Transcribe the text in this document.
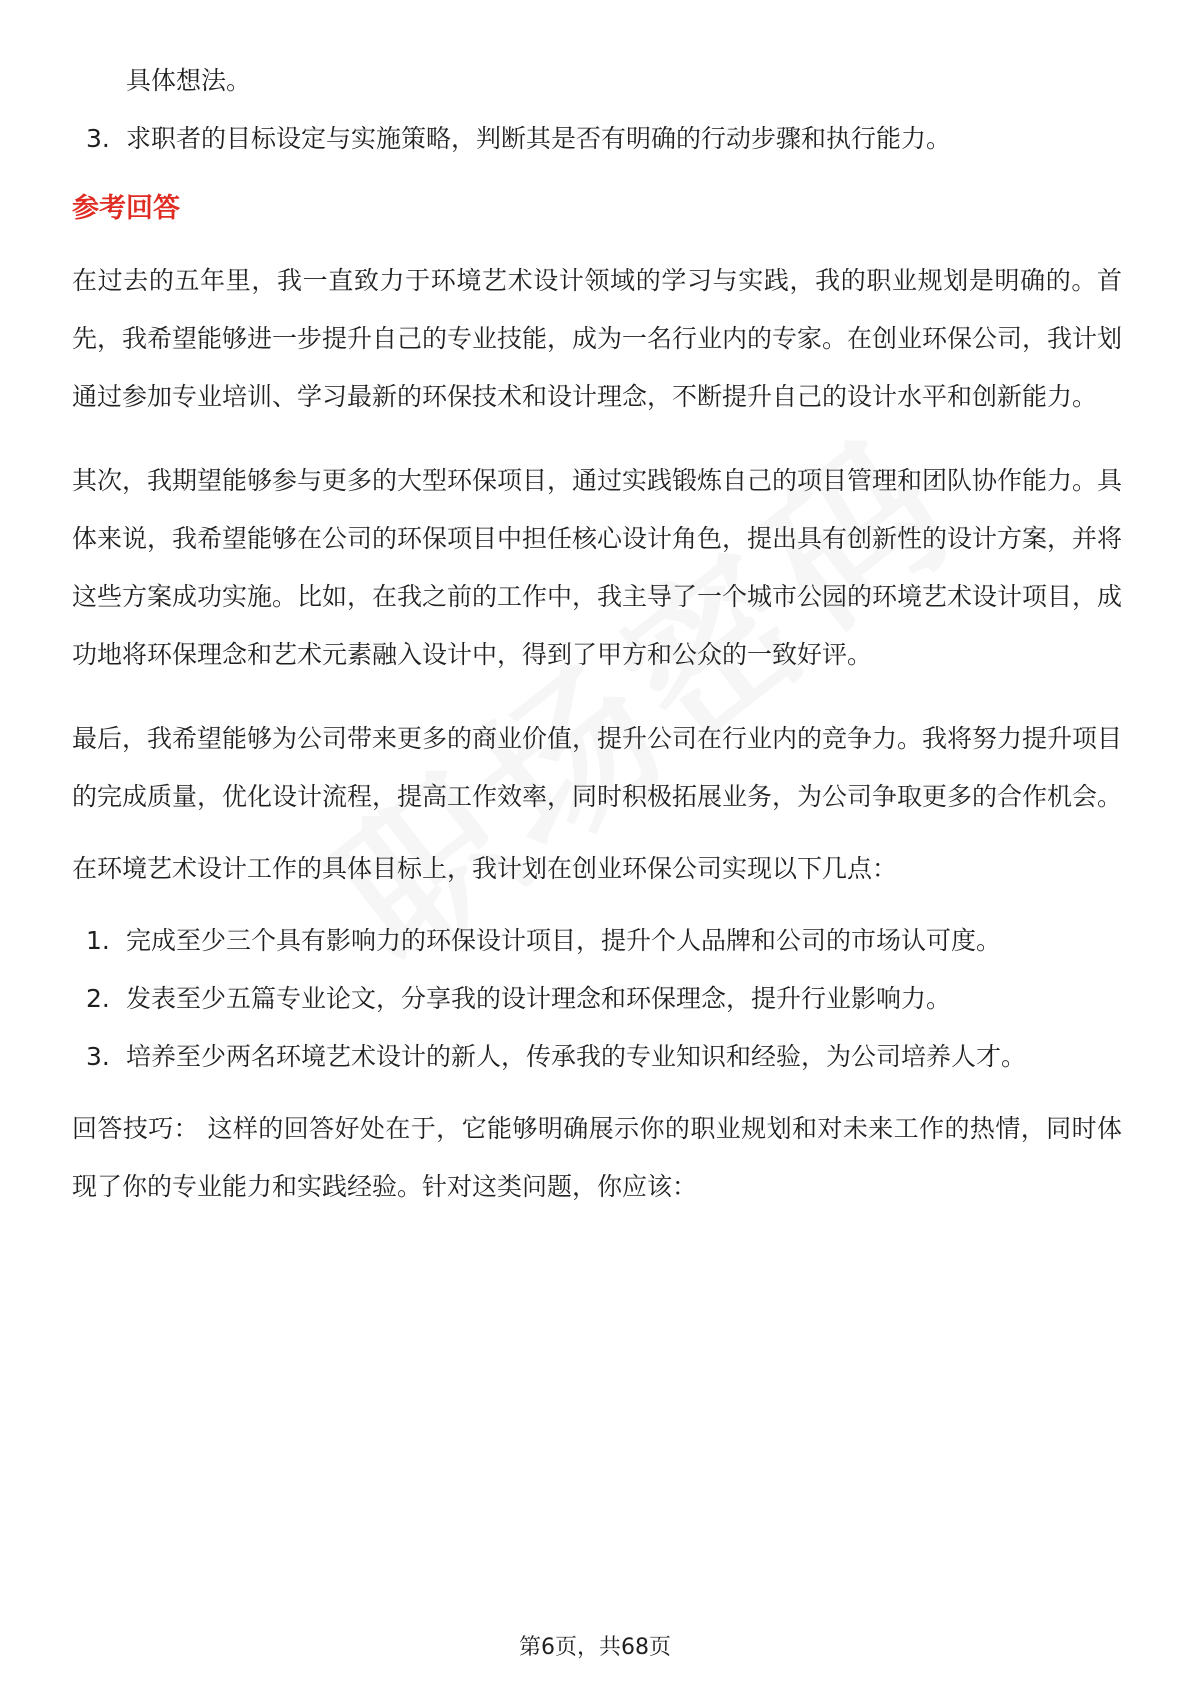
具体想法。
3. 求职者的目标设定与实施策略，判断其是否有明确的行动步骤和执行能力。
参考回答

在过去的五年里，我一直致力于环境艺术设计领域的学习与实践，我的职业规划是明确的。首先，我希望能够进一步提升自己的专业技能，成为一名行业内的专家。在创业环保公司，我计划通过参加专业培训、学习最新的环保技术和设计理念，不断提升自己的设计水平和创新能力。

其次，我期望能够参与更多的大型环保项目，通过实践锻炼自己的项目管理和团队协作能力。具体来说，我希望能够在公司的环保项目中担任核心设计角色，提出具有创新性的设计方案，并将这些方案成功实施。比如，在我之前的工作中，我主导了一个城市公园的环境艺术设计项目，成功地将环保理念和艺术元素融入设计中，得到了甲方和公众的一致好评。

最后，我希望能够为公司带来更多的商业价值，提升公司在行业内的竞争力。我将努力提升项目的完成质量，优化设计流程，提高工作效率，同时积极拓展业务，为公司争取更多的合作机会。

在环境艺术设计工作的具体目标上，我计划在创业环保公司实现以下几点：

1. 完成至少三个具有影响力的环保设计项目，提升个人品牌和公司的市场认可度。
2. 发表至少五篇专业论文，分享我的设计理念和环保理念，提升行业影响力。
3. 培养至少两名环境艺术设计的新人，传承我的专业知识和经验，为公司培养人才。

回答技巧： 这样的回答好处在于，它能够明确展示你的职业规划和对未来工作的热情，同时体现了你的专业能力和实践经验。针对这类问题，你应该：

第6页，共68页
